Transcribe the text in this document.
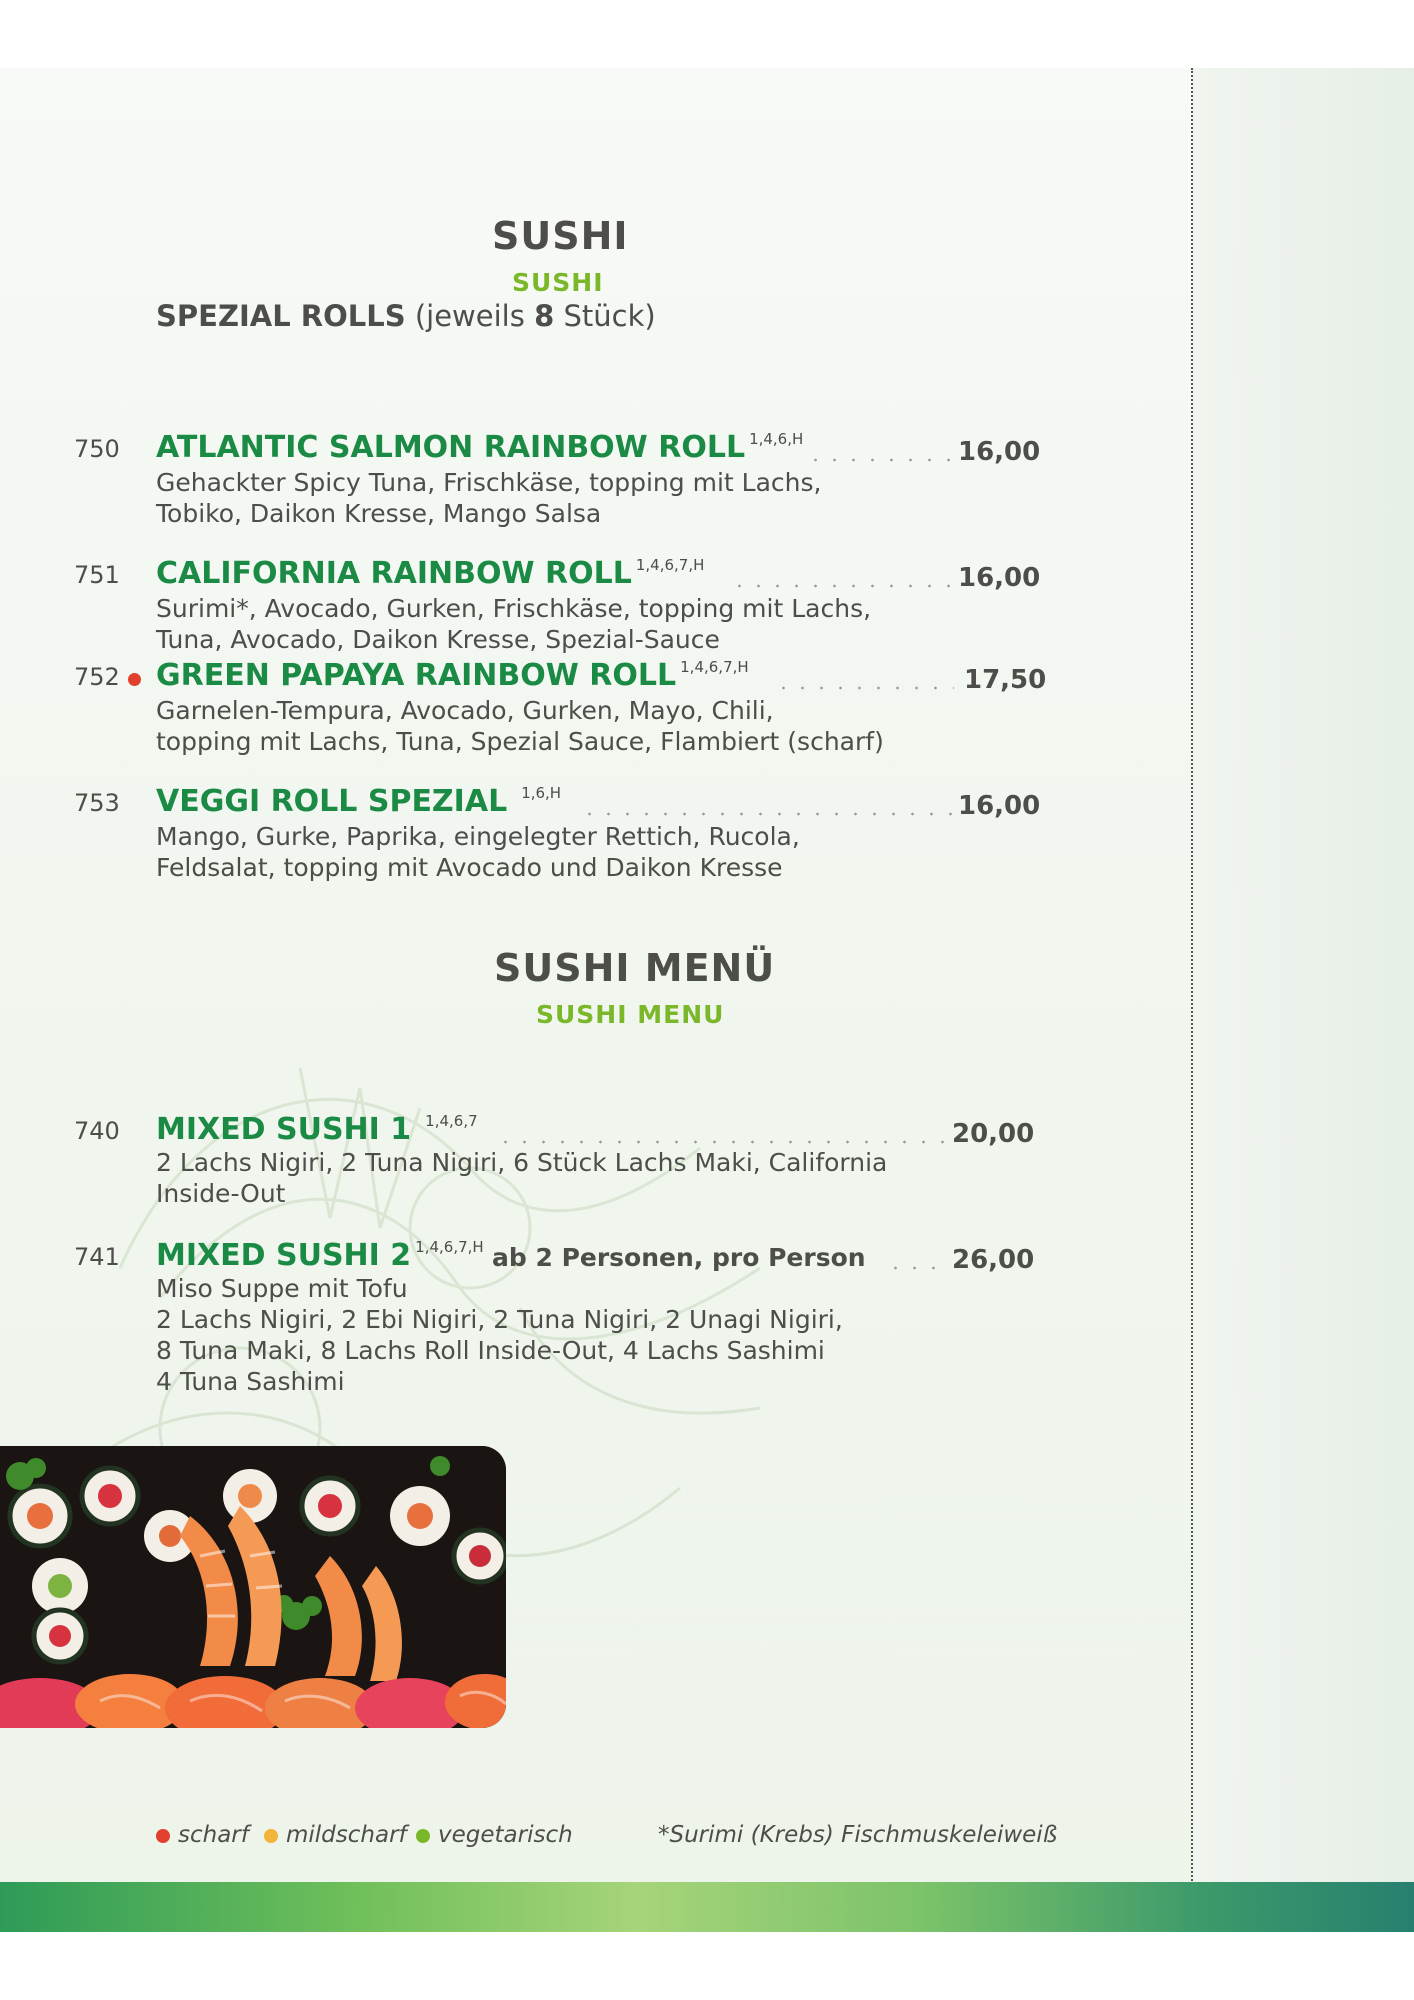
SUSHI
SUSHI
SPEZIAL ROLLS (jeweils 8 Stück)
750 ATLANTIC SALMON RAINBOW ROLL $^{1,4,6,H}$	16,00
Gehackter Spicy Tuna, Frischkäse, topping mit Lachs,
Tobiko, Daikon Kresse, Mango Salsa
751 CALIFORNIA RAINBOW ROLL $^{1,4,6,7,H}$	16,00
Surimi*, Avocado, Gurken, Frischkäse, topping mit Lachs,
Tuna, Avocado, Daikon Kresse, Spezial-Sauce
752 GREEN PAPAYA RAINBOW ROLL $^{1,4,6,7,H}$	17,50
Garnelen-Tempura, Avocado, Gurken, Mayo, Chili,
topping mit Lachs, Tuna, Spezial Sauce, Flambiert (scharf)
753 VEGGI ROLL SPEZIAL $^{1,6,H}$	16,00
Mango, Gurke, Paprika, eingelegter Rettich, Rucola,
Feldsalat, topping mit Avocado und Daikon Kresse
SUSHI MENÜ
SUSHI MENU
740 MIXED SUSHI 1 $^{1,4,6,7}$	20,00
2 Lachs Nigiri, 2 Tuna Nigiri, 6 Stück Lachs Maki, California
Inside-Out
741 MIXED SUSHI 2 $^{1,4,6,7,H}$ ab 2 Personen, pro Person	26,00
Miso Suppe mit Tofu
2 Lachs Nigiri, 2 Ebi Nigiri, 2 Tuna Nigiri, 2 Unagi Nigiri,
8 Tuna Maki, 8 Lachs Roll Inside-Out, 4 Lachs Sashimi
4 Tuna Sashimi
scharf	mildscharf	vegetarisch	*Surimi (Krebs) Fischmuskeleiweiß
